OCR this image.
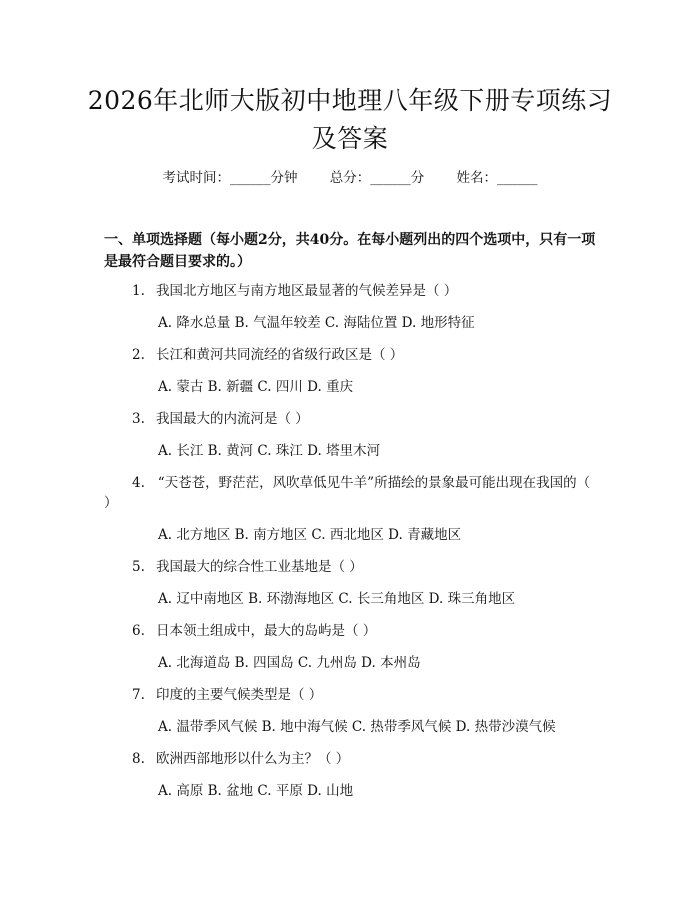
2026年北师大版初中地理八年级下册专项练习及答案
考试时间：______分钟 总分：______分 姓名：______
一、单项选择题（每小题2分，共40分。在每小题列出的四个选项中，只有一项是最符合题目要求的。）
1. 我国北方地区与南方地区最显著的气候差异是（ ）
A. 降水总量 B. 气温年较差 C. 海陆位置 D. 地形特征
2. 长江和黄河共同流经的省级行政区是（ ）
A. 蒙古 B. 新疆 C. 四川 D. 重庆
3. 我国最大的内流河是（ ）
A. 长江 B. 黄河 C. 珠江 D. 塔里木河
4. “天苍苍，野茫茫，风吹草低见牛羊”所描绘的景象最可能出现在我国的（ ）
A. 北方地区 B. 南方地区 C. 西北地区 D. 青藏地区
5. 我国最大的综合性工业基地是（ ）
A. 辽中南地区 B. 环渤海地区 C. 长三角地区 D. 珠三角地区
6. 日本领土组成中，最大的岛屿是（ ）
A. 北海道岛 B. 四国岛 C. 九州岛 D. 本州岛
7. 印度的主要气候类型是（ ）
A. 温带季风气候 B. 地中海气候 C. 热带季风气候 D. 热带沙漠气候
8. 欧洲西部地形以什么为主？（ ）
A. 高原 B. 盆地 C. 平原 D. 山地
